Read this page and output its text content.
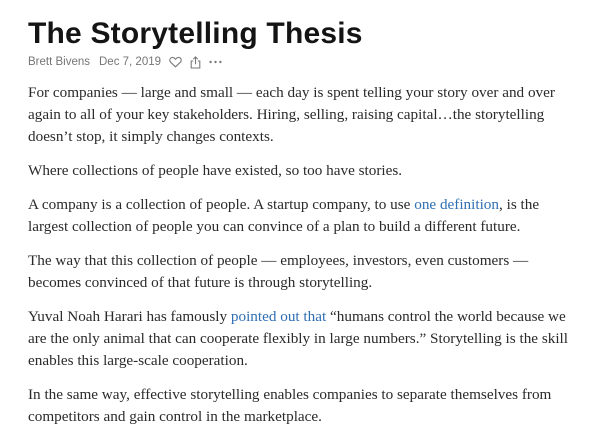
The Storytelling Thesis
Brett Bivens Dec 7, 2019

For companies — large and small — each day is spent telling your story over and over again to all of your key stakeholders. Hiring, selling, raising capital…the storytelling doesn’t stop, it simply changes contexts.

Where collections of people have existed, so too have stories.

A company is a collection of people. A startup company, to use one definition, is the largest collection of people you can convince of a plan to build a different future.

The way that this collection of people — employees, investors, even customers — becomes convinced of that future is through storytelling.

Yuval Noah Harari has famously pointed out that “humans control the world because we are the only animal that can cooperate flexibly in large numbers.” Storytelling is the skill enables this large-scale cooperation.

In the same way, effective storytelling enables companies to separate themselves from competitors and gain control in the marketplace.
